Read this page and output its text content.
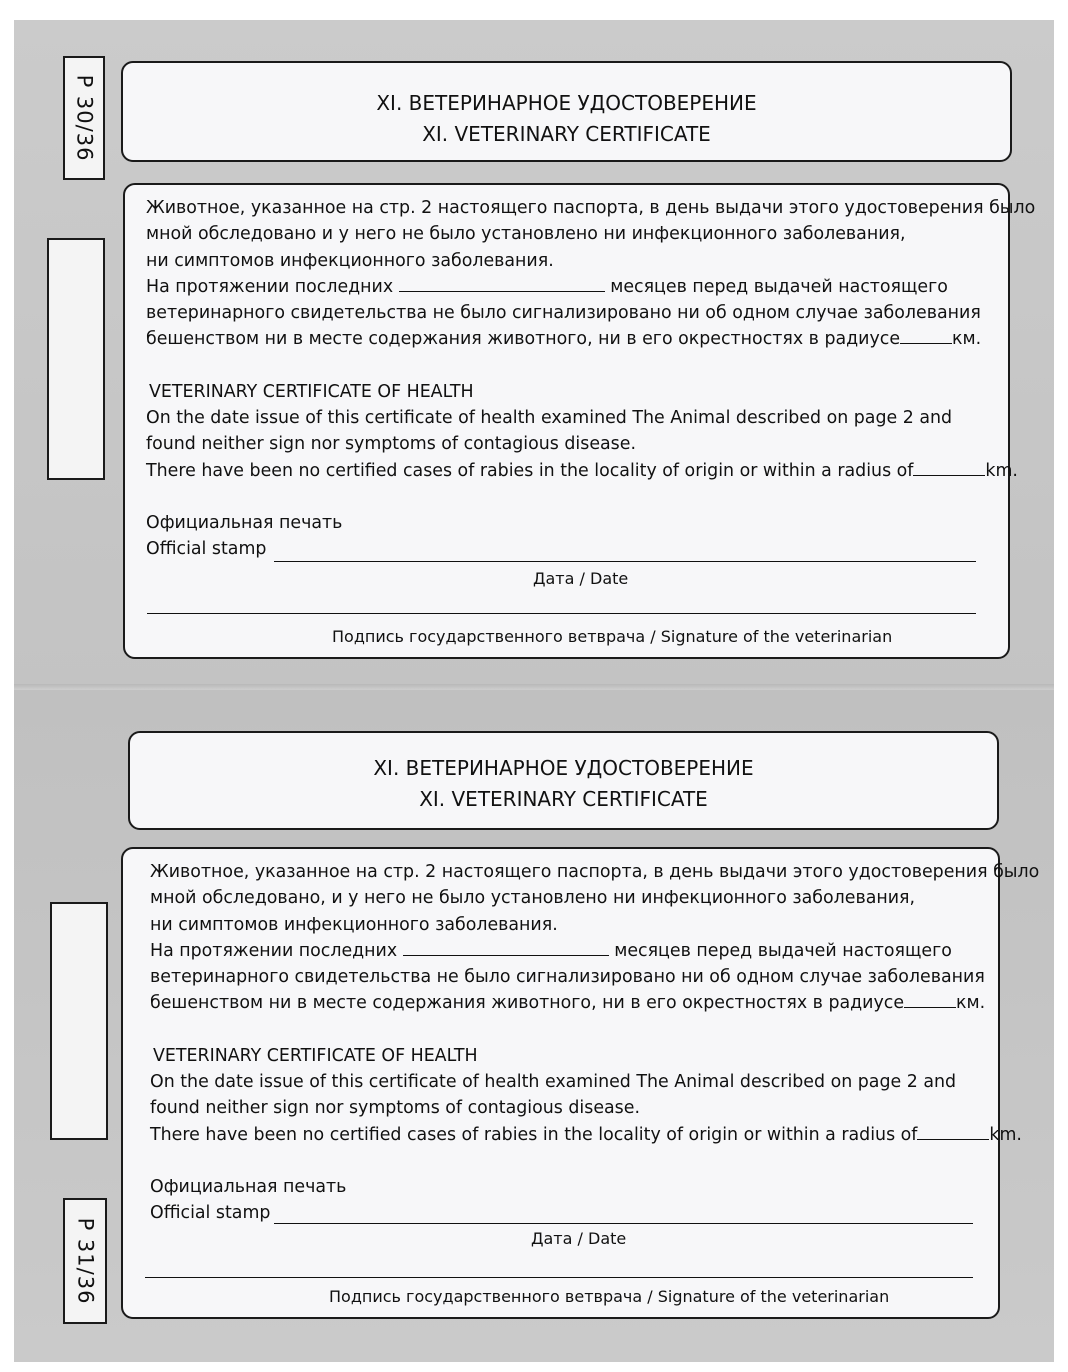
P 30/36	XI. ВЕТЕРИНАРНОЕ УДОСТОВЕРЕНИЕ
XI. VETERINARY CERTIFICATE
Животное, указанное на стр. 2 настоящего паспорта, в день выдачи этого удостоверения было
мной обследовано и у него не было установлено ни инфекционного заболевания,
ни симптомов инфекционного заболевания.
На протяжении последних	месяцев перед выдачей настоящего
ветеринарного свидетельства не было сигнализировано ни об одном случае заболевания
бешенством ни в месте содержания животного, ни в его окрестностях в радиусе	км.
VETERINARY CERTIFICATE OF HEALTH
On the date issue of this certificate of health examined The Animal described on page 2 and
found neither sign nor symptoms of contagious disease.
There have been no certified cases of rabies in the locality of origin or within a radius of	km.
Официальная печать
Official stamp
Дата / Date
Подпись государственного ветврача / Signature of the veterinarian
P 31/36
XI. ВЕТЕРИНАРНОЕ УДОСТОВЕРЕНИЕ
XI. VETERINARY CERTIFICATE
Животное, указанное на стр. 2 настоящего паспорта, в день выдачи этого удостоверения было
мной обследовано, и у него не было установлено ни инфекционного заболевания,
ни симптомов инфекционного заболевания.
На протяжении последних	месяцев перед выдачей настоящего
ветеринарного свидетельства не было сигнализировано ни об одном случае заболевания
бешенством ни в месте содержания животного, ни в его окрестностях в радиусе	км.
VETERINARY CERTIFICATE OF HEALTH
On the date issue of this certificate of health examined The Animal described on page 2 and
found neither sign nor symptoms of contagious disease.
There have been no certified cases of rabies in the locality of origin or within a radius of	km.
Официальная печать
Official stamp
Дата / Date
Подпись государственного ветврача / Signature of the veterinarian
